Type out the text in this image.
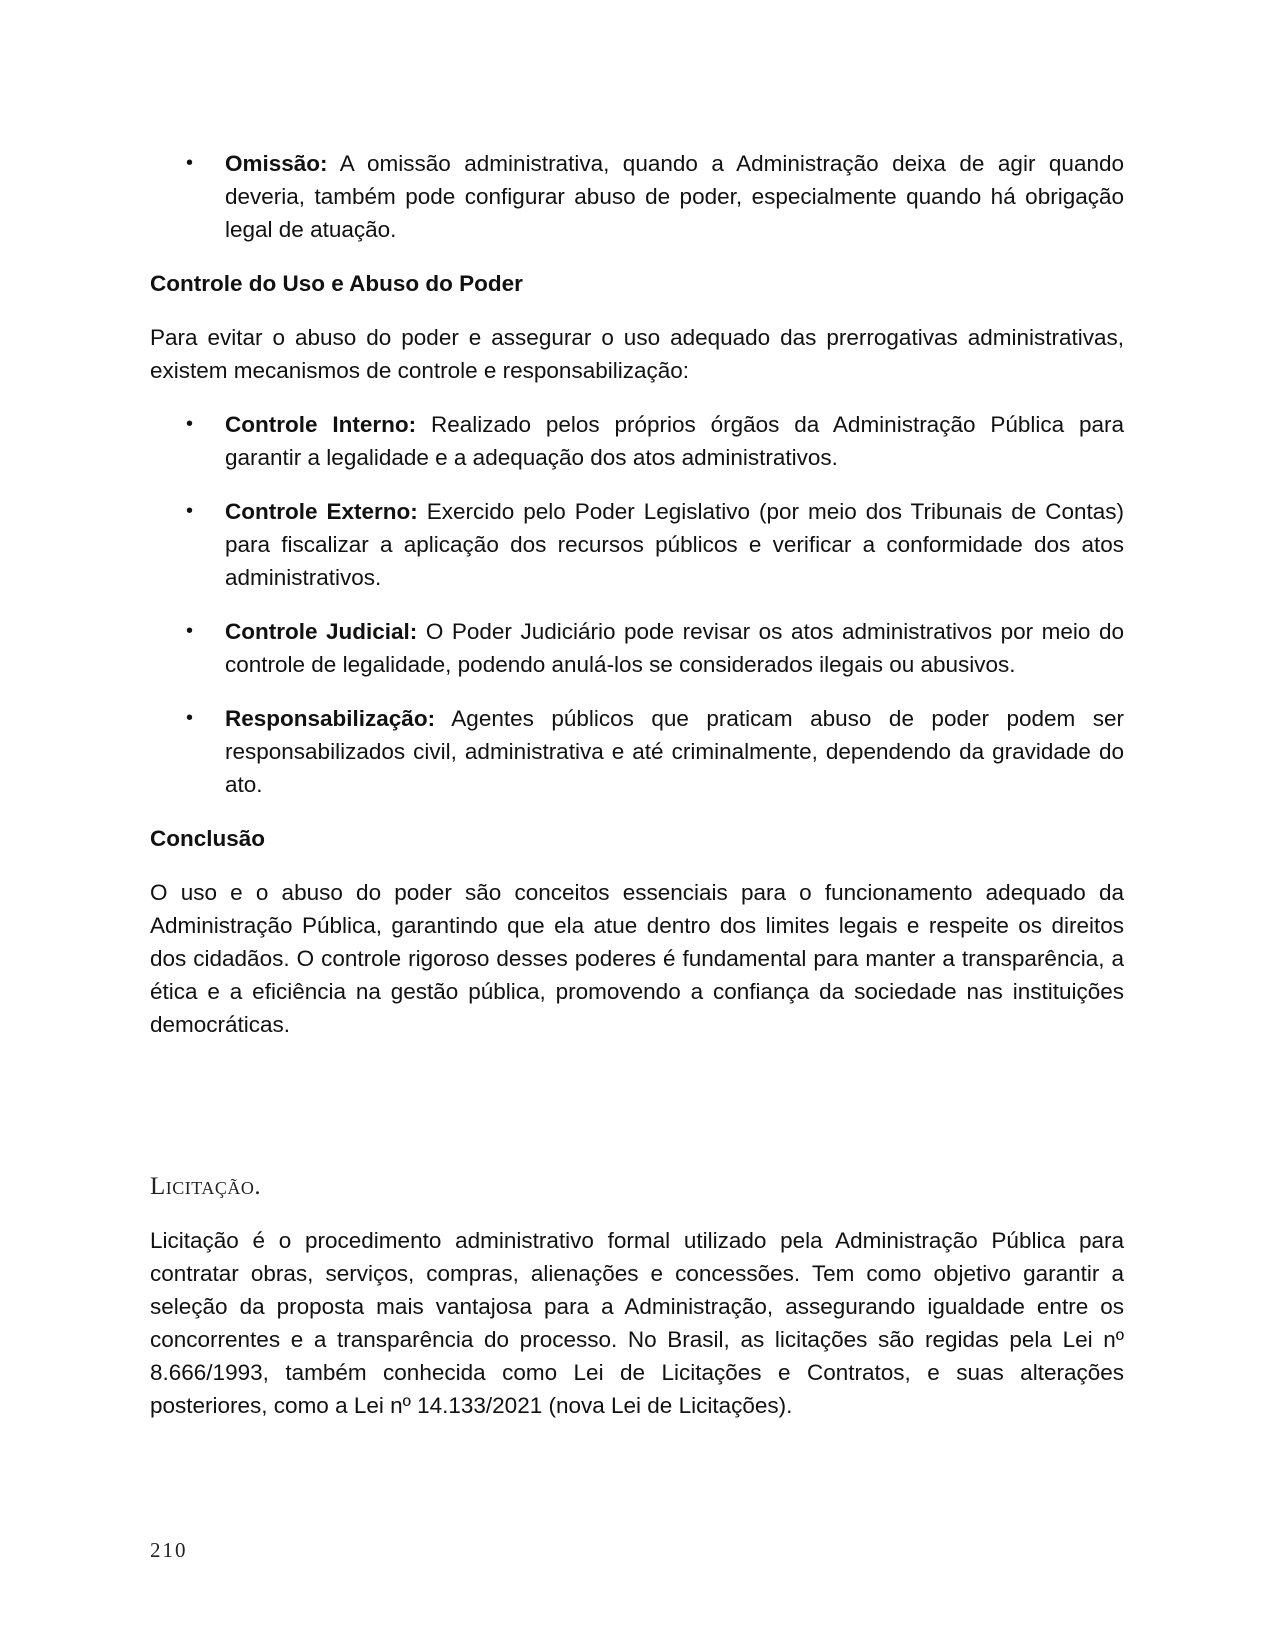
• Omissão: A omissão administrativa, quando a Administração deixa de agir quando deveria, também pode configurar abuso de poder, especialmente quando há obrigação legal de atuação.
Controle do Uso e Abuso do Poder

Para evitar o abuso do poder e assegurar o uso adequado das prerrogativas administrativas, existem mecanismos de controle e responsabilização:

• Controle Interno: Realizado pelos próprios órgãos da Administração Pública para garantir a legalidade e a adequação dos atos administrativos.
• Controle Externo: Exercido pelo Poder Legislativo (por meio dos Tribunais de Contas) para fiscalizar a aplicação dos recursos públicos e verificar a conformidade dos atos administrativos.
• Controle Judicial: O Poder Judiciário pode revisar os atos administrativos por meio do controle de legalidade, podendo anulá-los se considerados ilegais ou abusivos.
• Responsabilização: Agentes públicos que praticam abuso de poder podem ser responsabilizados civil, administrativa e até criminalmente, dependendo da gravidade do ato.
Conclusão

O uso e o abuso do poder são conceitos essenciais para o funcionamento adequado da Administração Pública, garantindo que ela atue dentro dos limites legais e respeite os direitos dos cidadãos. O controle rigoroso desses poderes é fundamental para manter a transparência, a ética e a eficiência na gestão pública, promovendo a confiança da sociedade nas instituições democráticas.

Licitação.

Licitação é o procedimento administrativo formal utilizado pela Administração Pública para contratar obras, serviços, compras, alienações e concessões. Tem como objetivo garantir a seleção da proposta mais vantajosa para a Administração, assegurando igualdade entre os concorrentes e a transparência do processo. No Brasil, as licitações são regidas pela Lei nº 8.666/1993, também conhecida como Lei de Licitações e Contratos, e suas alterações posteriores, como a Lei nº 14.133/2021 (nova Lei de Licitações).

210
